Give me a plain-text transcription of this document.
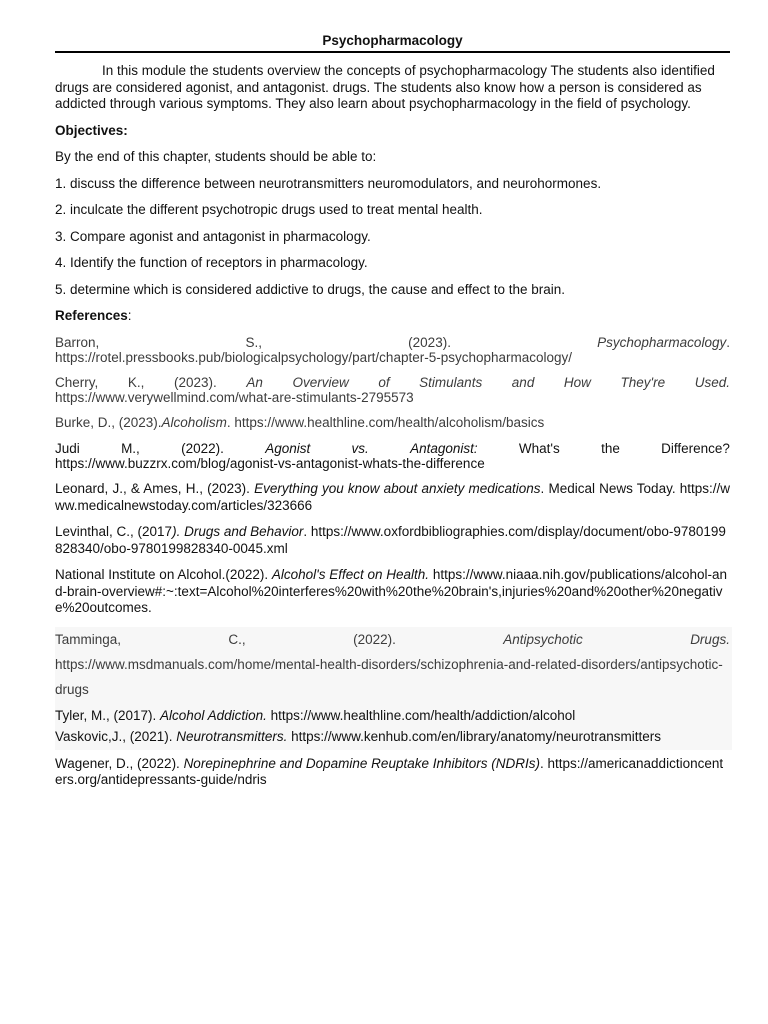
Psychopharmacology

In this module the students overview the concepts of psychopharmacology The students also identified drugs are considered agonist, and antagonist. drugs. The students also know how a person is considered as addicted through various symptoms. They also learn about psychopharmacology in the field of psychology.

Objectives:

By the end of this chapter, students should be able to:

1. discuss the difference between neurotransmitters neuromodulators, and neurohormones.

2. inculcate the different psychotropic drugs used to treat mental health.

3. Compare agonist and antagonist in pharmacology.

4. Identify the function of receptors in pharmacology.

5. determine which is considered addictive to drugs, the cause and effect to the brain.

References:

Barron,	S.,	(2023).	Psychopharmacology.
https://rotel.pressbooks.pub/biologicalpsychology/part/chapter-5-psychopharmacology/
Cherry, K., (2023). An Overview of Stimulants and How They're Used.
https://www.verywellmind.com/what-are-stimulants-2795573

Burke, D., (2023).Alcoholism. https://www.healthline.com/health/alcoholism/basics

Judi	M.,	(2022).	Agonist	vs.	Antagonist:	What's	the	Difference?
https://www.buzzrx.com/blog/agonist-vs-antagonist-whats-the-difference

Leonard, J., & Ames, H., (2023). Everything you know about anxiety medications. Medical News Today. https://www.medicalnewstoday.com/articles/323666

Levinthal, C., (2017). Drugs and Behavior. https://www.oxfordbibliographies.com/display/document/obo-9780199828340/obo-9780199828340-0045.xml

National Institute on Alcohol.(2022). Alcohol's Effect on Health. https://www.niaaa.nih.gov/publications/alcohol-and-brain-overview#:~:text=Alcohol%20interferes%20with%20the%20brain's,injuries%20and%20other%20negative%20outcomes.

Tamminga,	C.,	(2022).	Antipsychotic	Drugs.
https://www.msdmanuals.com/home/mental-health-disorders/schizophrenia-and-related-disorders/antipsychotic-drugs

Tyler, M., (2017). Alcohol Addiction. https://www.healthline.com/health/addiction/alcohol

Vaskovic,J., (2021). Neurotransmitters. https://www.kenhub.com/en/library/anatomy/neurotransmitters

Wagener, D., (2022). Norepinephrine and Dopamine Reuptake Inhibitors (NDRIs). https://americanaddictioncenters.org/antidepressants-guide/ndris
